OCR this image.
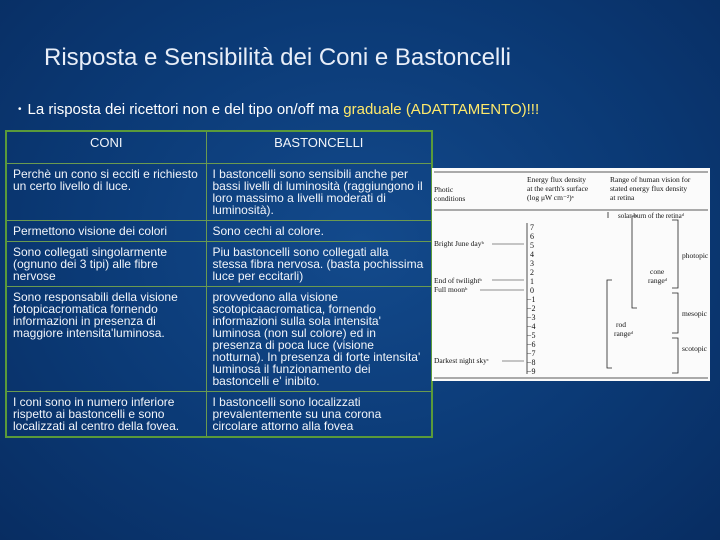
Risposta e Sensibilità dei Coni e Bastoncelli
• La risposta dei ricettori non e del tipo on/off ma graduale (ADATTAMENTO)!!!
CONI	BASTONCELLI
Perchè un cono si ecciti e richiesto un certo livello di luce.	I bastoncelli sono sensibili anche per bassi livelli di luminosità (raggiungono il loro massimo a livelli moderati di luminosità).
Permettono visione dei colori	Sono cechi al colore.
Sono collegati singolarmente (ognuno dei 3 tipi) alle fibre nervose	Piu bastoncelli sono collegati alla stessa fibra nervosa. (basta pochissima luce per eccitarli)
Sono responsabili della visione fotopicacromatica fornendo informazioni in presenza di maggiore intensita'luminosa.	provvedono alla visione scotopicaacromatica, fornendo informazioni sulla sola intensita' luminosa (non sul colore) ed in presenza di poca luce (visione notturna). In presenza di forte intensita' luminosa il funzionamento dei bastoncelli e' inibito.
I coni sono in numero inferiore rispetto ai bastoncelli e sono localizzati al centro della fovea.	I bastoncelli sono localizzati prevalentemente su una corona circolare attorno alla fovea
Photic
conditions
Energy flux density
at the earth's surface
(log μW cm⁻²)ᵃ
Range of human vision for
stated energy flux density
at retina
solar burn of the retinaᵈ
7
6
5
4
3
2
1
0
−1
−2
−3
−4
−5
−6
−7
−8
−9
Bright June dayᵇ
End of twilightᵇ
Full moonᵇ
Darkest night skyᶜ
cone
rangeᵈ
rod
rangeᵈ
photopic
mesopic
scotopic
